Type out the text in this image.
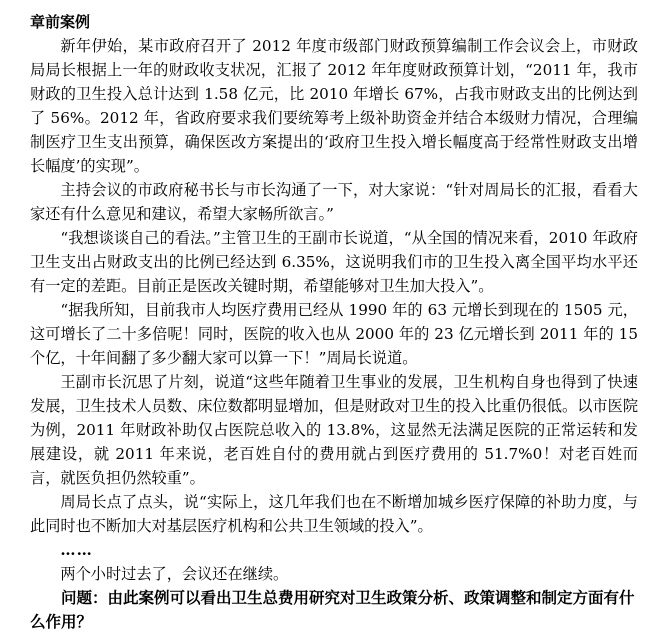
章前案例

新年伊始，某市政府召开了 2012 年度市级部门财政预算编制工作会议会上，市财政局局长根据上一年的财政收支状况，汇报了 2012 年年度财政预算计划，“2011 年，我市财政的卫生投入总计达到 1.58 亿元，比 2010 年增长 67%，占我市财政支出的比例达到了 56%。2012 年，省政府要求我们要统筹考上级补助资金并结合本级财力情况，合理编制医疗卫生支出预算，确保医改方案提出的‘政府卫生投入增长幅度高于经常性财政支出增长幅度’的实现”。

主持会议的市政府秘书长与市长沟通了一下，对大家说：“针对周局长的汇报，看看大家还有什么意见和建议，希望大家畅所欲言。”

“我想谈谈自己的看法。”主管卫生的王副市长说道，“从全国的情况来看，2010 年政府卫生支出占财政支出的比例已经达到 6.35%，这说明我们市的卫生投入离全国平均水平还有一定的差距。目前正是医改关键时期，希望能够对卫生加大投入”。

“据我所知，目前我市人均医疗费用已经从 1990 年的 63 元增长到现在的 1505 元，这可增长了二十多倍呢！同时，医院的收入也从 2000 年的 23 亿元增长到 2011 年的 15 个亿，十年间翻了多少翻大家可以算一下！”周局长说道。

王副市长沉思了片刻，说道“这些年随着卫生事业的发展，卫生机构自身也得到了快速发展，卫生技术人员数、床位数都明显增加，但是财政对卫生的投入比重仍很低。以市医院为例，2011 年财政补助仅占医院总收入的 13.8%，这显然无法满足医院的正常运转和发展建设，就 2011 年来说，老百姓自付的费用就占到医疗费用的 51.7%0！对老百姓而言，就医负担仍然较重”。

周局长点了点头，说“实际上，这几年我们也在不断增加城乡医疗保障的补助力度，与此同时也不断加大对基层医疗机构和公共卫生领域的投入”。

……

两个小时过去了，会议还在继续。

问题：由此案例可以看出卫生总费用研究对卫生政策分析、政策调整和制定方面有什么作用？
